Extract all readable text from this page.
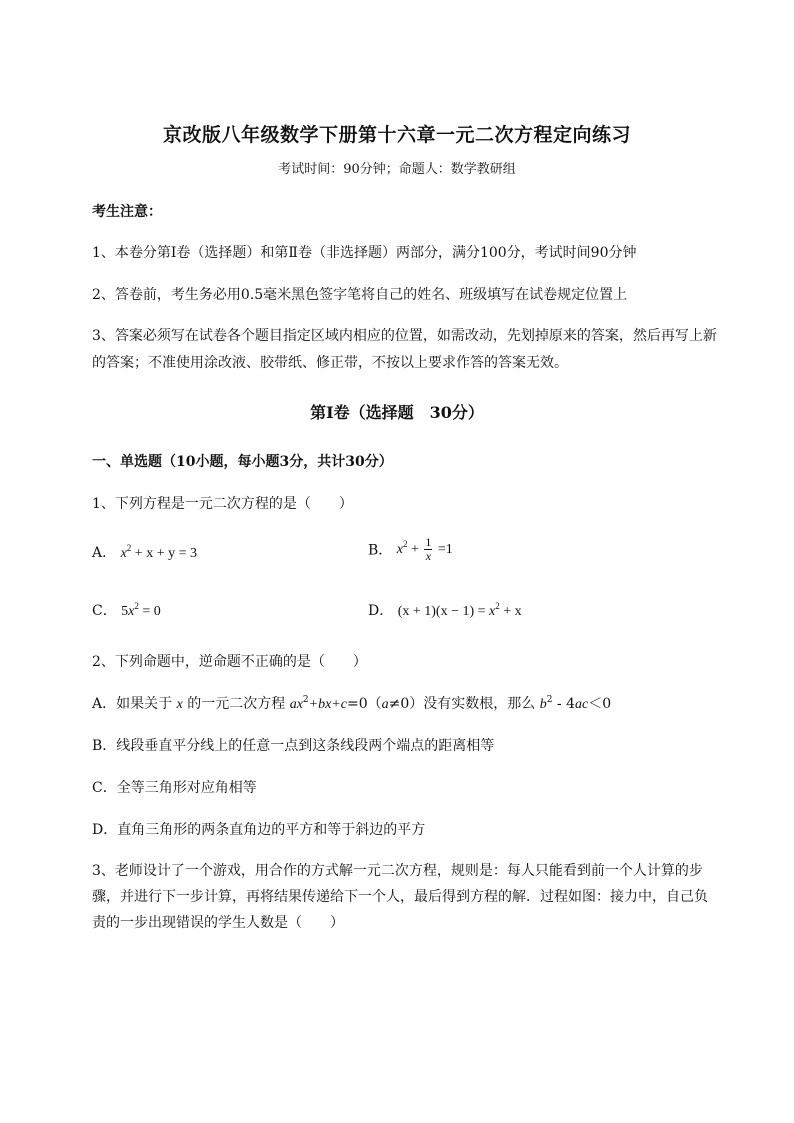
京改版八年级数学下册第十六章一元二次方程定向练习
考试时间：90分钟；命题人：数学教研组
考生注意：
1、本卷分第I卷（选择题）和第Ⅱ卷（非选择题）两部分，满分100分，考试时间90分钟
2、答卷前，考生务必用0.5毫米黑色签字笔将自己的姓名、班级填写在试卷规定位置上
3、答案必须写在试卷各个题目指定区域内相应的位置，如需改动，先划掉原来的答案，然后再写上新
的答案；不准使用涂改液、胶带纸、修正带，不按以上要求作答的答案无效。
第I卷（选择题　30分）
一、单选题（10小题，每小题3分，共计30分）
1、下列方程是一元二次方程的是（　　）
A． $x^2 + x + y = 3$	B． $x^2 + \frac{1}{x} =1$
C． $5x^2 = 0$	D． $(x + 1)(x - 1) = x^2 + x$
2、下列命题中，逆命题不正确的是（　　）
A．如果关于 x 的一元二次方程 $ax^2+bx+c=0(a\ne 0)$没有实数根，那么 $b^2 - 4ac<0$
B．线段垂直平分线上的任意一点到这条线段两个端点的距离相等
C．全等三角形对应角相等
D．直角三角形的两条直角边的平方和等于斜边的平方
3、老师设计了一个游戏，用合作的方式解一元二次方程，规则是：每人只能看到前一个人计算的步
骤，并进行下一步计算，再将结果传递给下一个人，最后得到方程的解．过程如图：接力中，自己负
责的一步出现错误的学生人数是（　　）
